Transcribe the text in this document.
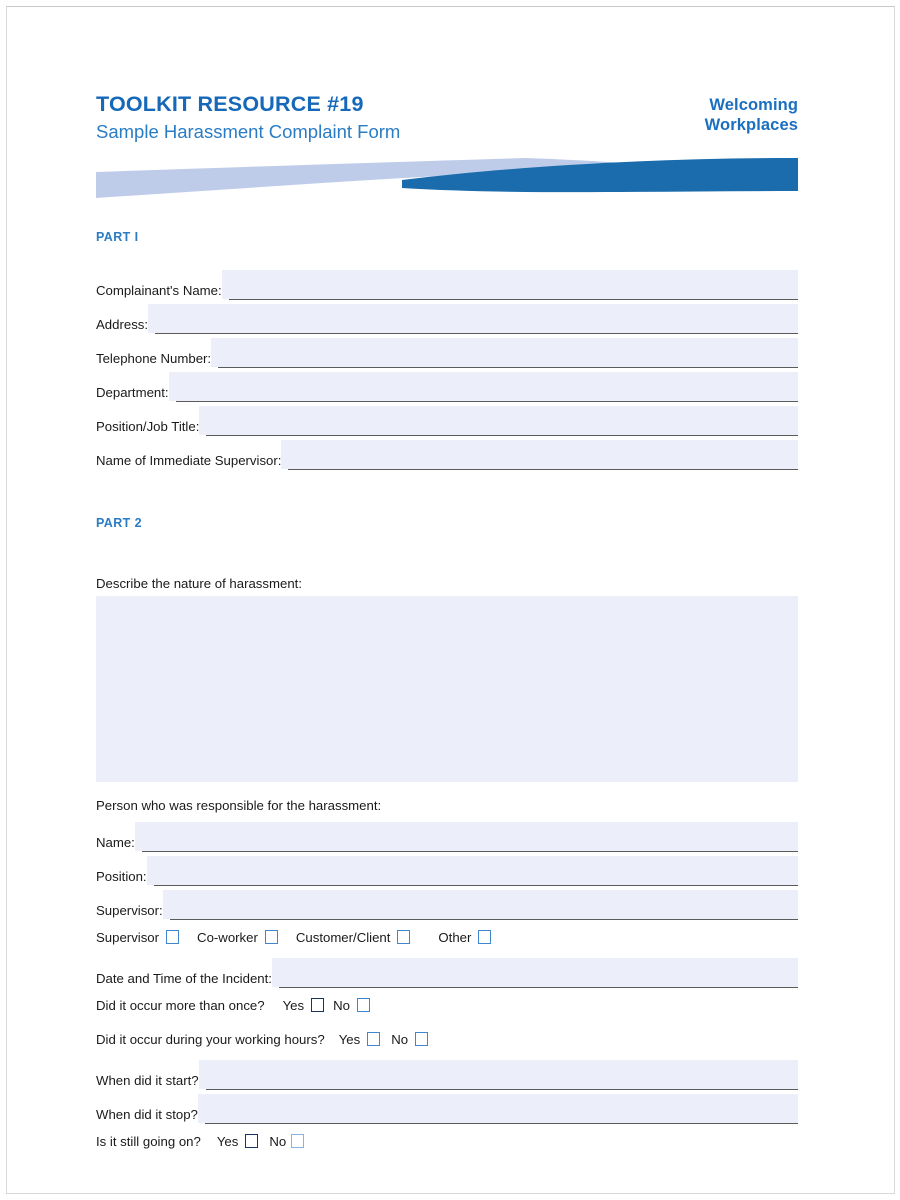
TOOLKIT RESOURCE #19
Sample Harassment Complaint Form
Welcoming
Workplaces
PART I
Complainant's Name:
Address:
Telephone Number:
Department:
Position/Job Title:
Name of Immediate Supervisor:
PART 2
Describe the nature of harassment:
Person who was responsible for the harassment:
Name:
Position:
Supervisor:
Supervisor	Co-worker	Customer/Client	Other
Date and Time of the Incident:
Did it occur more than once? Yes No
Did it occur during your working hours? Yes No
When did it start?
When did it stop?
Is it still going on? Yes No
